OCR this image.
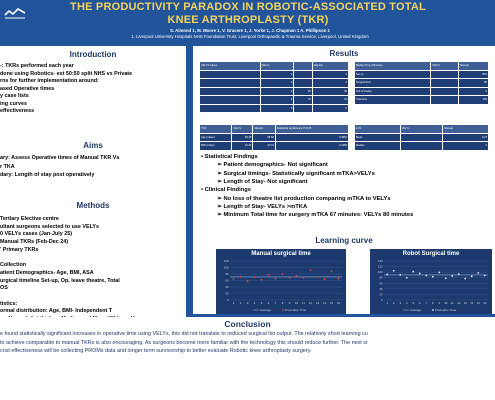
THE PRODUCTIVITY PARADOX IN ROBOTIC-ASSOCIATED TOTAL KNEE ARTHROPLASTY (TKR)
S. Almond 1, M. Moore 1, V. Gracere 1, J. Yorke 1, J. Chapman 1 A. Phillipson 1
1. Liverpool University Hospitals NHS Foundation Trust, Liverpool Orthopaedic & Trauma Service, Liverpool, United Kingdom
Introduction
-: TKRs performed each year
done using Robotics- est 50:50 split NHS vs Private
rns for further implementation around:
ased Operative times
y case lists
ing curves
effectiveness
Aims
ary: Assess Operative times of Manual TKR Vs
r TKA
dary: Length of stay post operatively
Methods
Tertiary Elective centre
ultant surgeons selected to use VELYs
0 VELYs cases (Jan-July 25)
Manual TKRs (Feb-Dec 24)
' Primary TKRs
Collection
atient Demographics- Age, BMI, ASA
urgical timeline Set-up, Op, leave theatre, Total
OS
tistics:
ormal distribution: Age, BMI- Independent T
Results
VELYS Cases	VELYs		Manual
	1		3
	2		4
	3	55	28
	4	70	33
	5		0
Median Time (Minutes)	VELYs	Manual
Set up		38.5
Surgical time		80
Out of theatre		9
Total time		155
TKR	VELYs	Manual	Statistical significance P<0.05
Age (mean)	68.18	68.68	0.4854
BMI (mean)	31.24	30.74	0.4485
LOS	VELYs	Manual
Mean		3.27
Median		2
• Statistical Findings
➢ Patient demographics- Not significant
➢ Surgical timings- Statistically significant mTKA>VELYs
➢ Length of Stay- Not significant
• Clinical Findings
➢ No loss of theatre list production comparing mTKA to VELYs
➢ Length of Stay- VELYs >mTKA
➢ Minimum Total time for surgery mTKA 67 minutes: VELYs 80 minutes
Learning curve
Manual surgical time
0
20
40
60
80
100
120
1 2 3 4 5 6 7 8 9 10 11 12 13 14 15 16
Average	Procedure Time
Robot Surgical time
0
20
40
60
80
100
120
140
1 2 3 4 5 6 7 8 9 10 11 12 13 14 15 16
Average	Procedure Time
Conclusion
e found statistically significant increases in operative time using VELYs, this did not translate to reduced surgical list output. The relatively short learning cu
to achieve comparable to manual TKRs is also encouraging. As surgeons become more familiar with the technology this should reduce further. The next st
cost effectiveness will be collecting PROMs data and longer term survivorship to better evaluate Robotic knee arthroplasty surgery.
